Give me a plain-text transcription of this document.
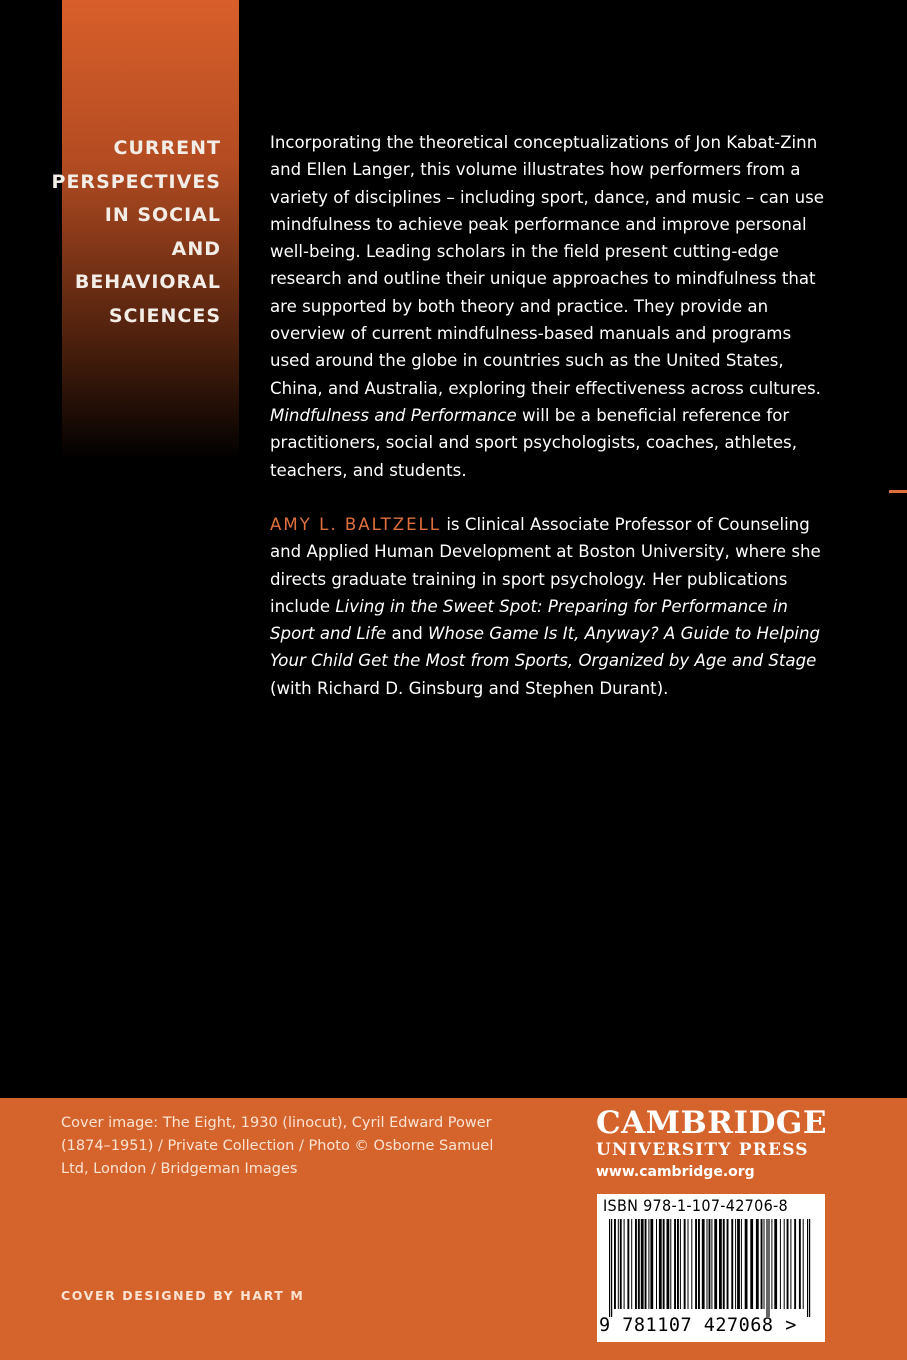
CURRENT
PERSPECTIVES
IN SOCIAL AND
BEHAVIORAL
SCIENCES
Incorporating the theoretical conceptualizations of Jon Kabat-Zinn and Ellen Langer, this volume illustrates how performers from a variety of disciplines – including sport, dance, and music – can use mindfulness to achieve peak performance and improve personal well-being. Leading scholars in the field present cutting-edge research and outline their unique approaches to mindfulness that are supported by both theory and practice. They provide an overview of current mindfulness-based manuals and programs used around the globe in countries such as the United States, China, and Australia, exploring their effectiveness across cultures. Mindfulness and Performance will be a beneficial reference for practitioners, social and sport psychologists, coaches, athletes, teachers, and students.
AMY L. BALTZELL is Clinical Associate Professor of Counseling and Applied Human Development at Boston University, where she directs graduate training in sport psychology. Her publications include Living in the Sweet Spot: Preparing for Performance in Sport and Life and Whose Game Is It, Anyway? A Guide to Helping Your Child Get the Most from Sports, Organized by Age and Stage (with Richard D. Ginsburg and Stephen Durant).
Cover image: The Eight, 1930 (linocut), Cyril Edward Power (1874–1951) / Private Collection / Photo © Osborne Samuel Ltd, London / Bridgeman Images
COVER DESIGNED BY HART M
CAMBRIDGE
UNIVERSITY PRESS
www.cambridge.org
ISBN 978-1-107-42706-8
9 781107 427068 >
